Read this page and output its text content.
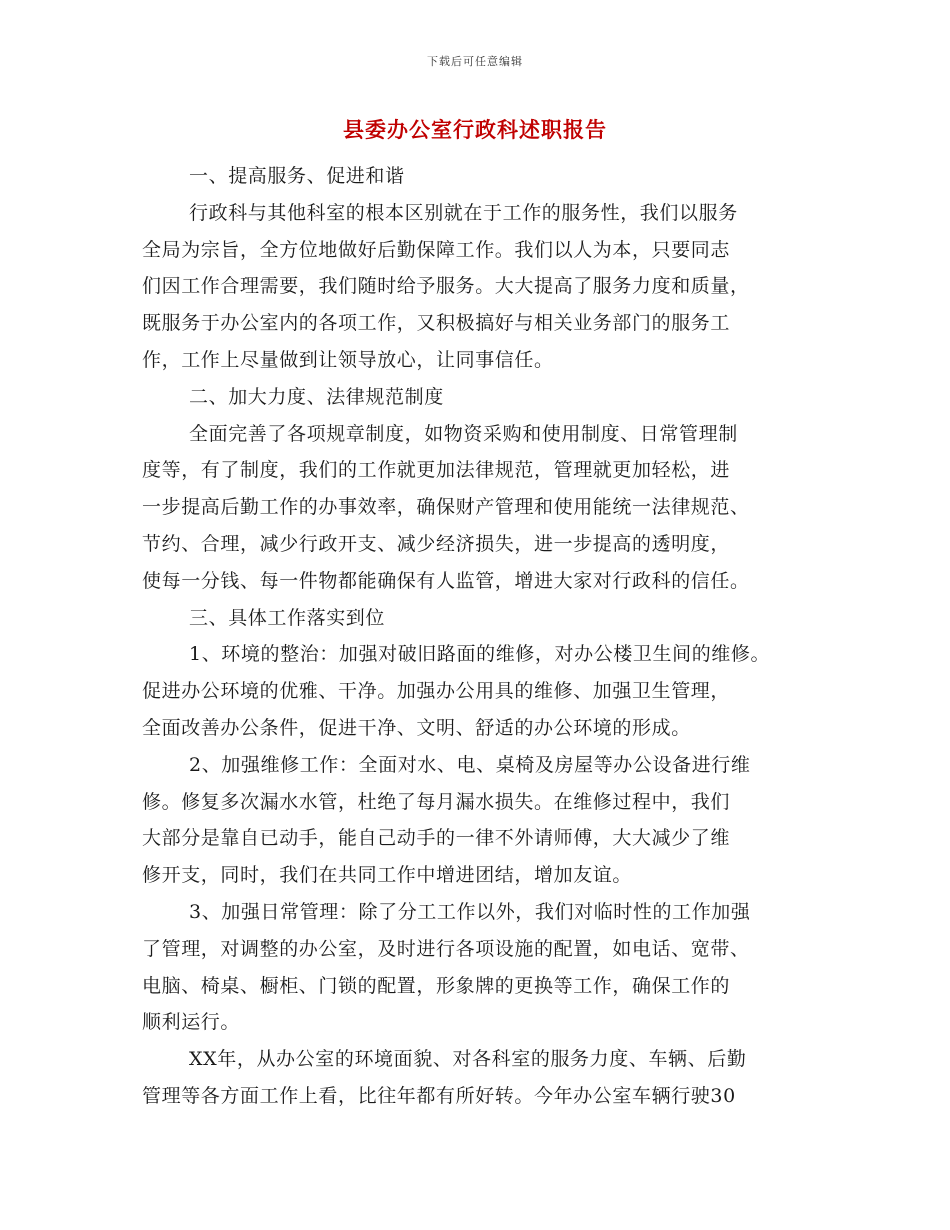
下载后可任意编辑
县委办公室行政科述职报告
一、提高服务、促进和谐
行政科与其他科室的根本区别就在于工作的服务性，我们以服务
全局为宗旨，全方位地做好后勤保障工作。我们以人为本，只要同志
们因工作合理需要，我们随时给予服务。大大提高了服务力度和质量，
既服务于办公室内的各项工作，又积极搞好与相关业务部门的服务工
作，工作上尽量做到让领导放心，让同事信任。
二、加大力度、法律规范制度
全面完善了各项规章制度，如物资采购和使用制度、日常管理制
度等，有了制度，我们的工作就更加法律规范，管理就更加轻松，进
一步提高后勤工作的办事效率，确保财产管理和使用能统一法律规范、
节约、合理，减少行政开支、减少经济损失，进一步提高的透明度，
使每一分钱、每一件物都能确保有人监管，增进大家对行政科的信任。
三、具体工作落实到位
1、环境的整治：加强对破旧路面的维修，对办公楼卫生间的维修。
促进办公环境的优雅、干净。加强办公用具的维修、加强卫生管理，
全面改善办公条件，促进干净、文明、舒适的办公环境的形成。
2、加强维修工作：全面对水、电、桌椅及房屋等办公设备进行维
修。修复多次漏水水管，杜绝了每月漏水损失。在维修过程中，我们
大部分是靠自已动手，能自己动手的一律不外请师傅，大大减少了维
修开支，同时，我们在共同工作中增进团结，增加友谊。
3、加强日常管理：除了分工工作以外，我们对临时性的工作加强
了管理，对调整的办公室，及时进行各项设施的配置，如电话、宽带、
电脑、椅桌、橱柜、门锁的配置，形象牌的更换等工作，确保工作的
顺利运行。
XX年，从办公室的环境面貌、对各科室的服务力度、车辆、后勤
管理等各方面工作上看，比往年都有所好转。今年办公室车辆行驶30
